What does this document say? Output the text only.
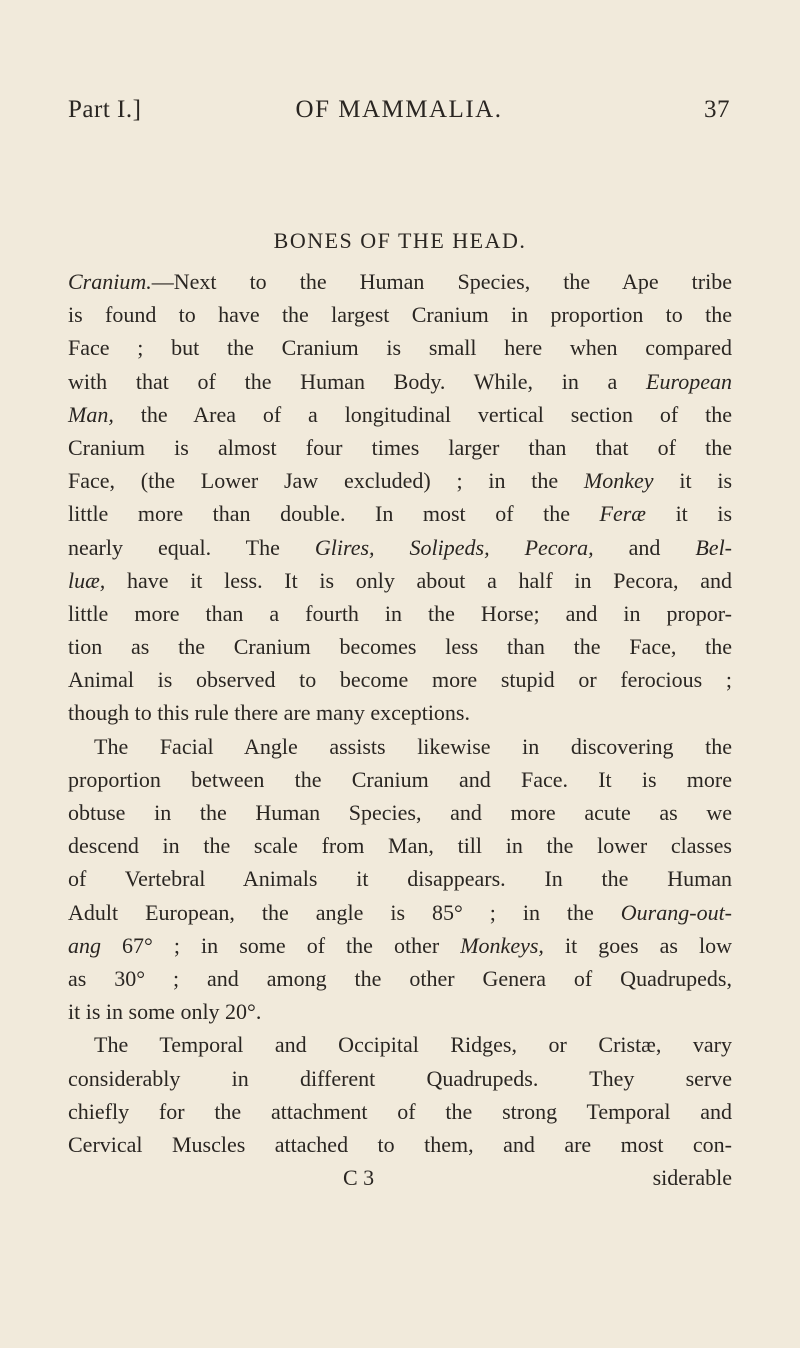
Part I.]	OF MAMMALIA.	37
BONES OF THE HEAD.
Cranium.—Next to the Human Species, the Ape tribe
is found to have the largest Cranium in proportion to the
Face ; but the Cranium is small here when compared
with that of the Human Body. While, in a European
Man, the Area of a longitudinal vertical section of the
Cranium is almost four times larger than that of the
Face, (the Lower Jaw excluded) ; in the Monkey it is
little more than double. In most of the Feræ it is
nearly equal. The Glires, Solipeds, Pecora, and Bel-
luæ, have it less. It is only about a half in Pecora, and
little more than a fourth in the Horse; and in propor-
tion as the Cranium becomes less than the Face, the
Animal is observed to become more stupid or ferocious ;
though to this rule there are many exceptions.
The Facial Angle assists likewise in discovering the
proportion between the Cranium and Face. It is more
obtuse in the Human Species, and more acute as we
descend in the scale from Man, till in the lower classes
of Vertebral Animals it disappears. In the Human
Adult European, the angle is 85° ; in the Ourang-out-
ang 67° ; in some of the other Monkeys, it goes as low
as 30° ; and among the other Genera of Quadrupeds,
it is in some only 20°.
The Temporal and Occipital Ridges, or Cristæ, vary
considerably in different Quadrupeds. They serve
chiefly for the attachment of the strong Temporal and
Cervical Muscles attached to them, and are most con-
C 3	siderable
